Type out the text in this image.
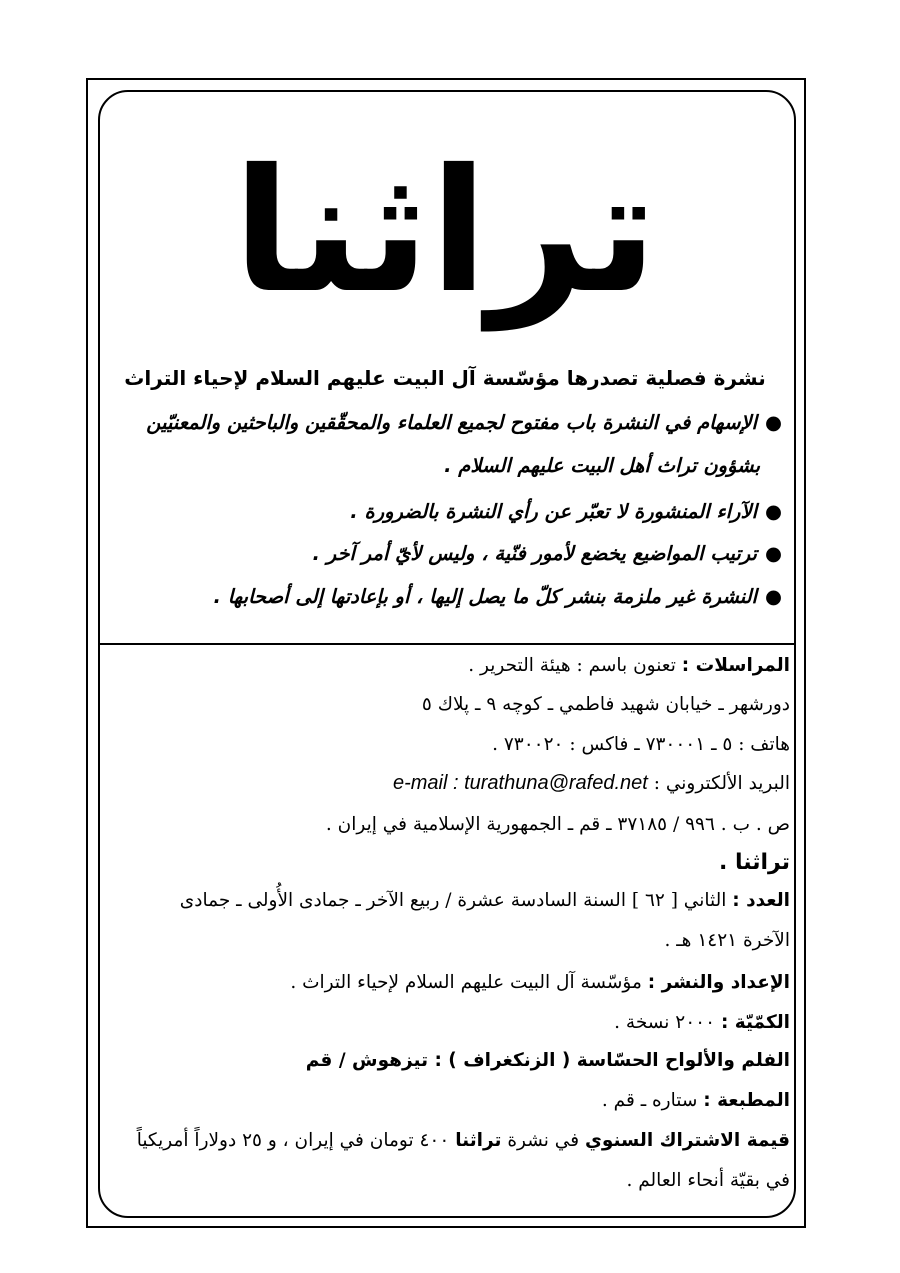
تراثنا
نشرة فصلية تصدرها مؤسّسة آل البيت عليهم السلام لإحياء التراث
●الإسهام في النشرة باب مفتوح لجميع العلماء والمحقّقين والباحثين والمعنيّين
بشؤون تراث أهل البيت عليهم السلام .
●الآراء المنشورة لا تعبّر عن رأي النشرة بالضرورة .
●ترتيب المواضيع يخضع لأمور فنّية ، وليس لأيّ أمر آخر .
●النشرة غير ملزمة بنشر كلّ ما يصل إليها ، أو بإعادتها إلى أصحابها .
المراسلات : تعنون باسم : هيئة التحرير .
دورشهر ـ خيابان شهيد فاطمي ـ كوچه ٩ ـ پلاك ٥
هاتف : ٥ ـ ٧٣٠٠٠١ ـ فاكس : ٧٣٠٠٢٠ .
البريد الألكتروني : e-mail : turathuna@rafed.net
ص . ب . ٩٩٦ / ٣٧١٨٥ ـ قم ـ الجمهورية الإسلامية في إيران .
تراثنا .
العدد : الثاني [ ٦٢ ] السنة السادسة عشرة / ربيع الآخر ـ جمادى الأُولى ـ جمادى
الآخرة ١٤٢١ هـ .
الإعداد والنشر : مؤسّسة آل البيت عليهم السلام لإحياء التراث .
الكمّيّة : ٢٠٠٠ نسخة .
الفلم والألواح الحسّاسة ( الزنكغراف ) : تيزهوش / قم
المطبعة : ستاره ـ قم .
قيمة الاشتراك السنوي في نشرة تراثنا ٤٠٠ تومان في إيران ، و ٢٥ دولاراً أمريكياً
في بقيّة أنحاء العالم .
